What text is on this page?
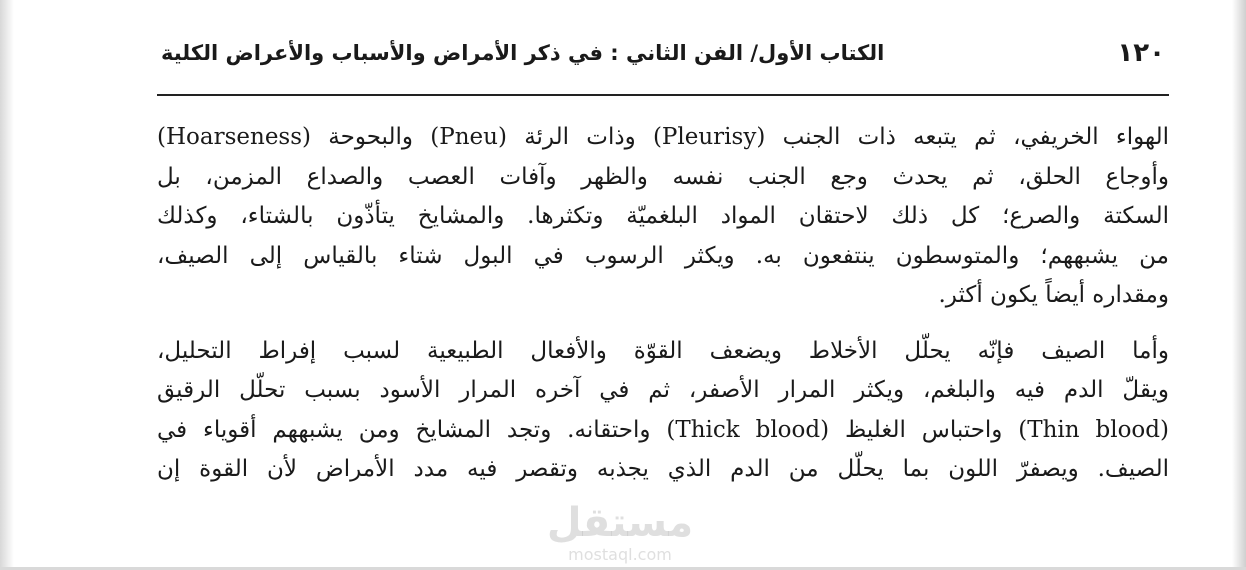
١٢٠
الكتاب الأول/ الفن الثاني : في ذكر الأمراض والأسباب والأعراض الكلية

الهواء الخريفي، ثم يتبعه ذات الجنب (Pleurisy) وذات الرئة (Pneu) والبحوحة (Hoarseness)
وأوجاع الحلق، ثم يحدث وجع الجنب نفسه والظهر وآفات العصب والصداع المزمن، بل
السكتة والصرع؛ كل ذلك لاحتقان المواد البلغميّة وتكثرها. والمشايخ يتأذّون بالشتاء، وكذلك
من يشبههم؛ والمتوسطون ينتفعون به. ويكثر الرسوب في البول شتاء بالقياس إلى الصيف،
ومقداره أيضاً يكون أكثر.

وأما الصيف فإنّه يحلّل الأخلاط ويضعف القوّة والأفعال الطبيعية لسبب إفراط التحليل،
ويقلّ الدم فيه والبلغم، ويكثر المرار الأصفر، ثم في آخره المرار الأسود بسبب تحلّل الرقيق
(Thin blood) واحتباس الغليظ (Thick blood) واحتقانه. وتجد المشايخ ومن يشبههم أقوياء في
الصيف. ويصفرّ اللون بما يحلّل من الدم الذي يجذبه وتقصر فيه مدد الأمراض لأن القوة إن

مستقل
mostaql.com
